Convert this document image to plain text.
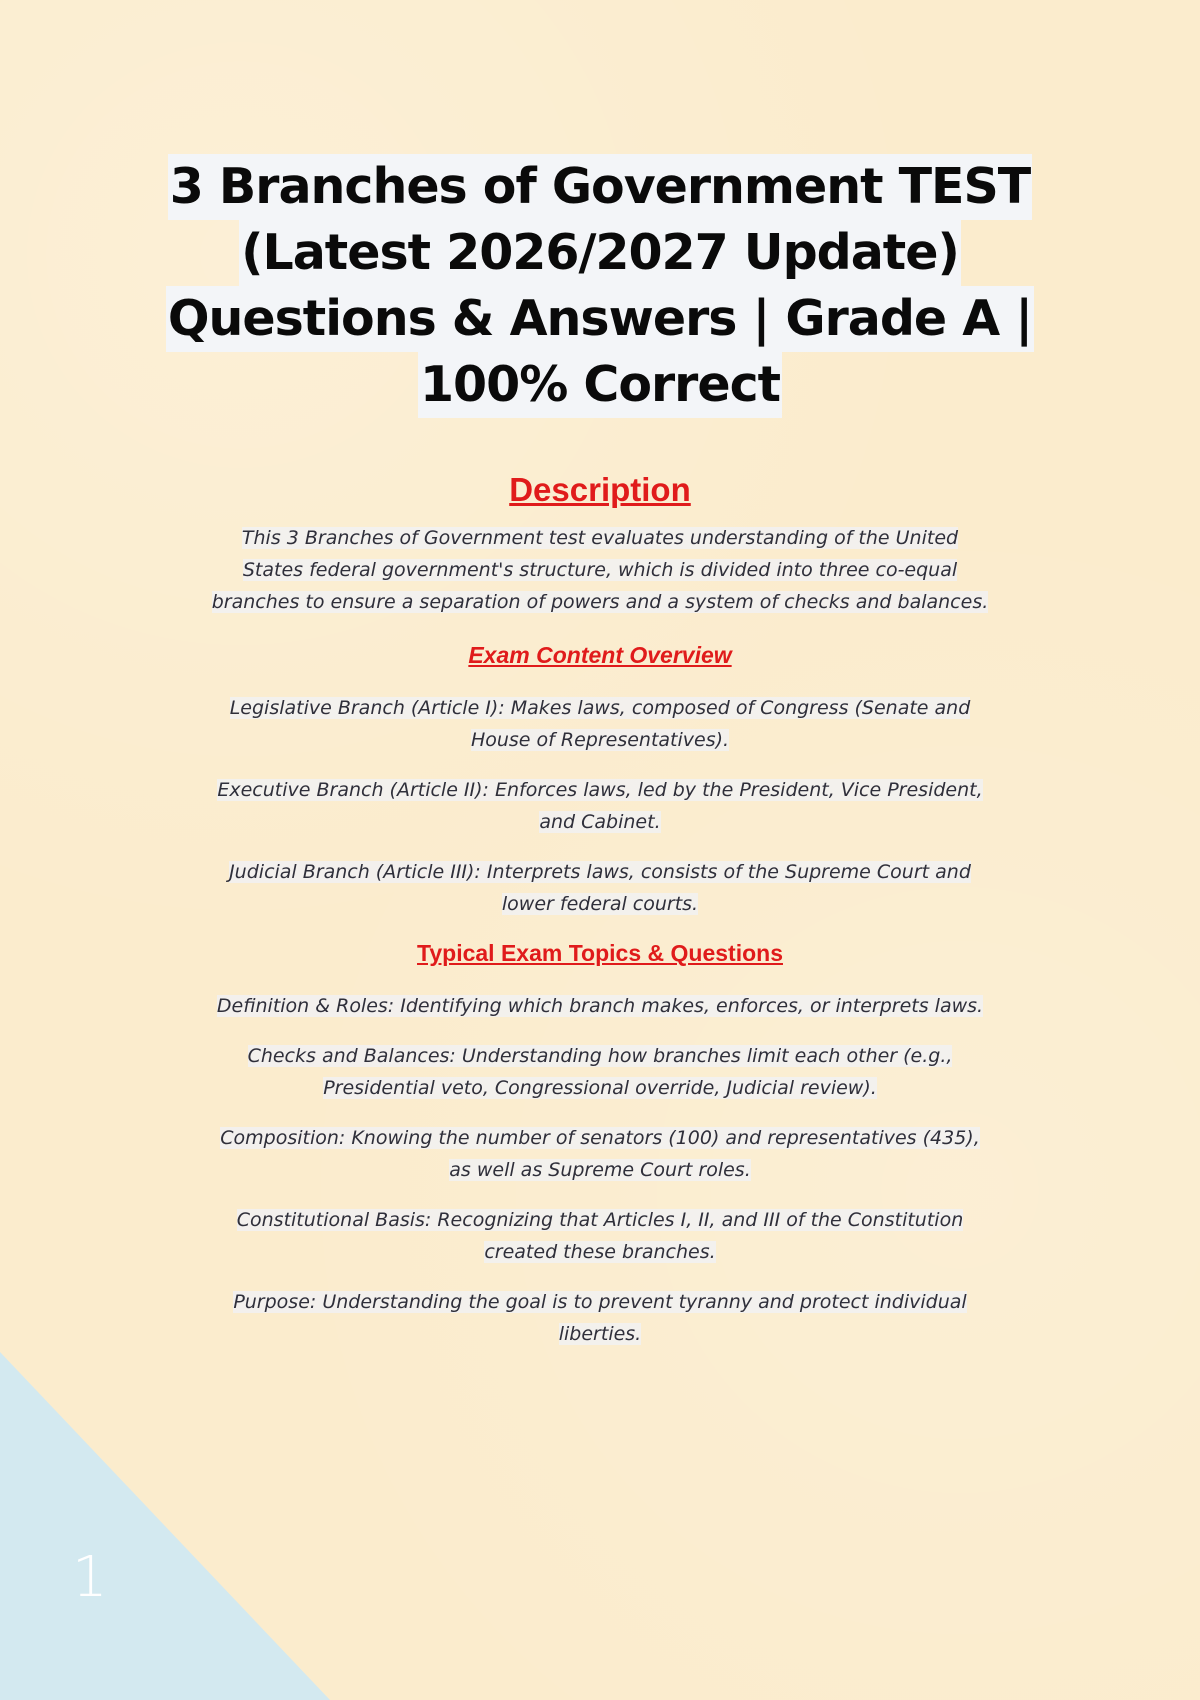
3 Branches of Government TEST
(Latest 2026/2027 Update)
Questions & Answers | Grade A |
100% Correct
Description

This 3 Branches of Government test evaluates understanding of the United States federal government's structure, which is divided into three co-equal branches to ensure a separation of powers and a system of checks and balances.

Exam Content Overview

Legislative Branch (Article I): Makes laws, composed of Congress (Senate and House of Representatives).

Executive Branch (Article II): Enforces laws, led by the President, Vice President, and Cabinet.

Judicial Branch (Article III): Interprets laws, consists of the Supreme Court and lower federal courts.

Typical Exam Topics & Questions

Definition & Roles: Identifying which branch makes, enforces, or interprets laws.

Checks and Balances: Understanding how branches limit each other (e.g., Presidential veto, Congressional override, Judicial review).

Composition: Knowing the number of senators (100) and representatives (435), as well as Supreme Court roles.

Constitutional Basis: Recognizing that Articles I, II, and III of the Constitution created these branches.

Purpose: Understanding the goal is to prevent tyranny and protect individual liberties.

1
